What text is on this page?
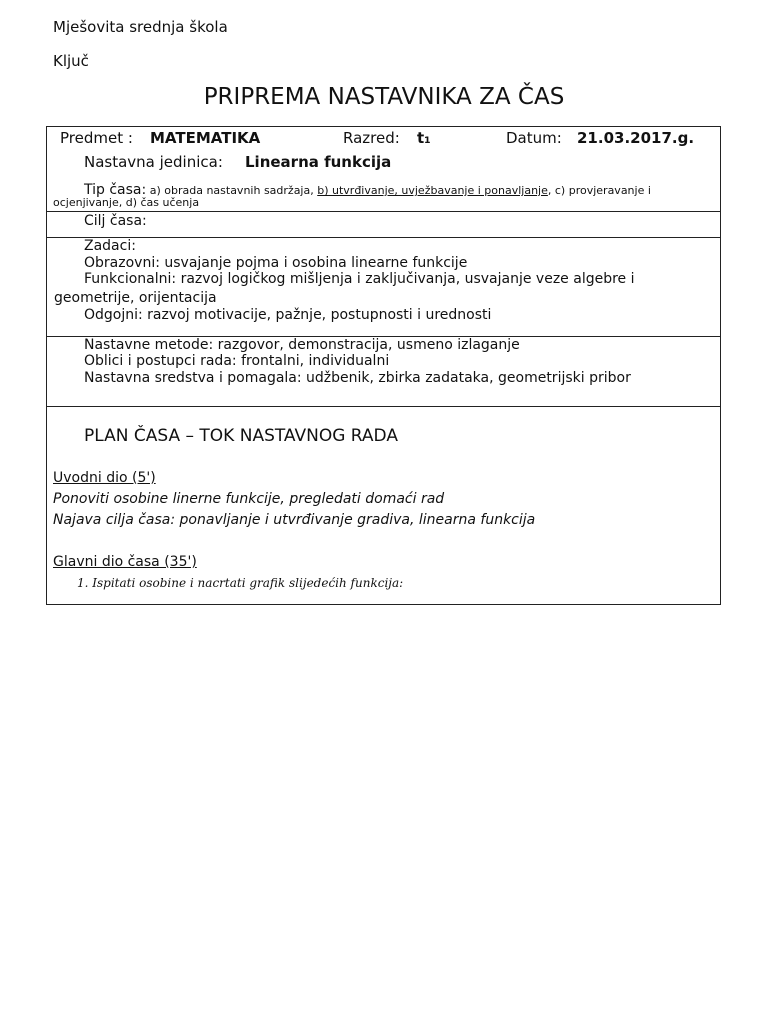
Mješovita srednja škola
Ključ
PRIPREMA NASTAVNIKA ZA ČAS
Predmet : MATEMATIKA	Razred: t₁	Datum: 21.03.2017.g.
Nastavna jedinica: Linearna funkcija
Tip časa: a) obrada nastavnih sadržaja, b) utvrđivanje, uvježbavanje i ponavljanje, c) provjeravanje i
ocjenjivanje, d) čas učenja
Cilj časa:
Zadaci:
Obrazovni: usvajanje pojma i osobina linearne funkcije
Funkcionalni: razvoj logičkog mišljenja i zaključivanja, usvajanje veze algebre i
geometrije, orijentacija
Odgojni: razvoj motivacije, pažnje, postupnosti i urednosti
Nastavne metode: razgovor, demonstracija, usmeno izlaganje
Oblici i postupci rada: frontalni, individualni
Nastavna sredstva i pomagala: udžbenik, zbirka zadataka, geometrijski pribor
PLAN ČASA – TOK NASTAVNOG RADA
Uvodni dio (5')
Ponoviti osobine linerne funkcije, pregledati domaći rad
Najava cilja časa: ponavljanje i utvrđivanje gradiva, linearna funkcija
Glavni dio časa (35')
1. Ispitati osobine i nacrtati grafik slijedećih funkcija:
